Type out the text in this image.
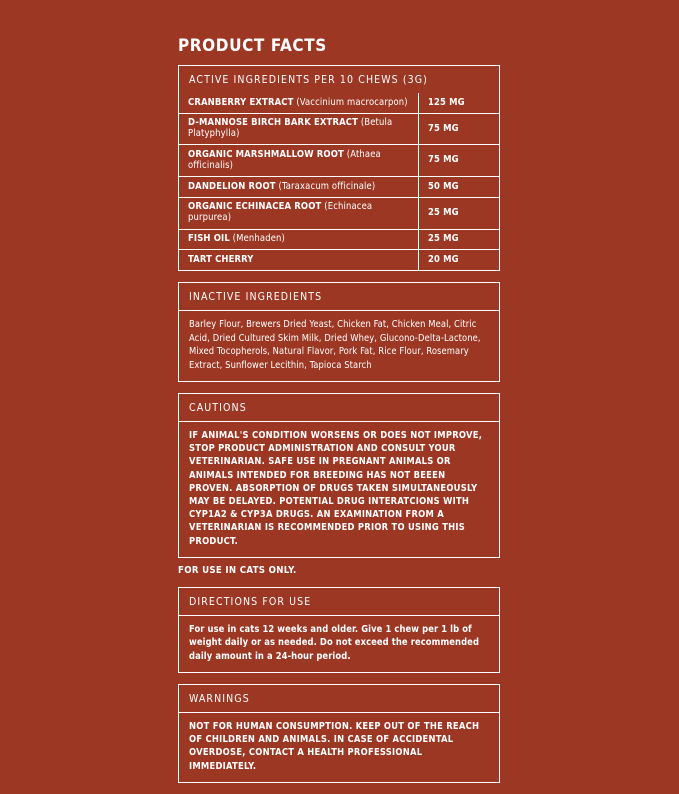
PRODUCT FACTS
ACTIVE INGREDIENTS PER 10 CHEWS (3G)
CRANBERRY EXTRACT (Vaccinium macrocarpon)	125 MG
D-MANNOSE BIRCH BARK EXTRACT (Betula Platyphylla)	75 MG
ORGANIC MARSHMALLOW ROOT (Athaea officinalis)	75 MG
DANDELION ROOT (Taraxacum officinale)	50 MG
ORGANIC ECHINACEA ROOT (Echinacea purpurea)	25 MG
FISH OIL (Menhaden)	25 MG
TART CHERRY	20 MG
INACTIVE INGREDIENTS
Barley Flour, Brewers Dried Yeast, Chicken Fat, Chicken Meal, Citric Acid, Dried Cultured Skim Milk, Dried Whey, Glucono-Delta-Lactone, Mixed Tocopherols, Natural Flavor, Pork Fat, Rice Flour, Rosemary Extract, Sunflower Lecithin, Tapioca Starch
CAUTIONS
IF ANIMAL'S CONDITION WORSENS OR DOES NOT IMPROVE, STOP PRODUCT ADMINISTRATION AND CONSULT YOUR VETERINARIAN. SAFE USE IN PREGNANT ANIMALS OR ANIMALS INTENDED FOR BREEDING HAS NOT BEEEN PROVEN. ABSORPTION OF DRUGS TAKEN SIMULTANEOUSLY MAY BE DELAYED. POTENTIAL DRUG INTERATCIONS WITH CYP1A2 & CYP3A DRUGS. AN EXAMINATION FROM A VETERINARIAN IS RECOMMENDED PRIOR TO USING THIS PRODUCT.
FOR USE IN CATS ONLY.
DIRECTIONS FOR USE
For use in cats 12 weeks and older. Give 1 chew per 1 lb of weight daily or as needed. Do not exceed the recommended daily amount in a 24-hour period.
WARNINGS
NOT FOR HUMAN CONSUMPTION. KEEP OUT OF THE REACH OF CHILDREN AND ANIMALS. IN CASE OF ACCIDENTAL OVERDOSE, CONTACT A HEALTH PROFESSIONAL IMMEDIATELY.
